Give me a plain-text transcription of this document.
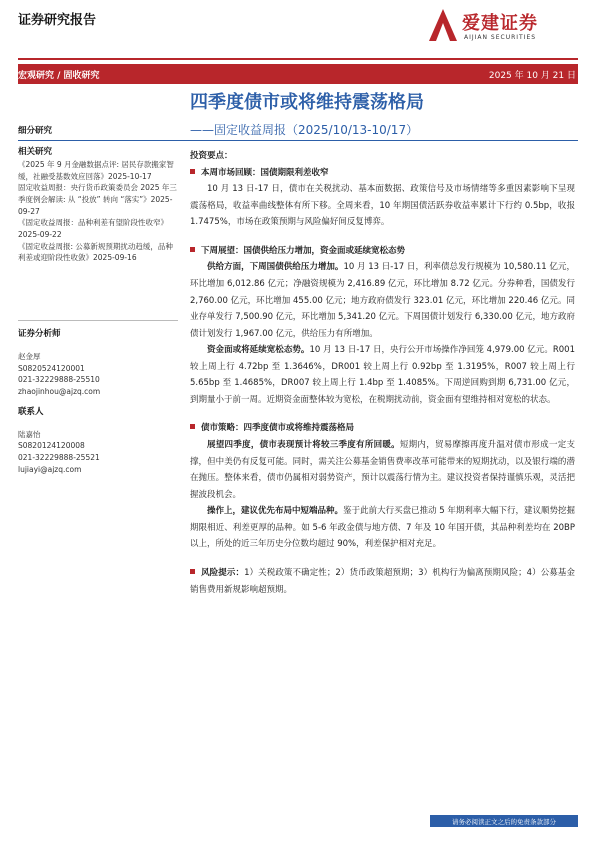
证券研究报告	爱建证券
AIJIAN SECURITIES
宏观研究 / 固收研究	2025 年 10 月 21 日
四季度债市或将维持震荡格局
——固定收益周报（2025/10/13-10/17）
细分研究
相关研究
《2025 年 9 月金融数据点评: 居民存款搬家智缓，社融受基数效应回落》2025-10-17
固定收益周报：央行货币政策委员会 2025 年三季度例会解读: 从 “投放” 转向 “落实”》2025-09-27
《固定收益周报：品种利差有望阶段性收窄》2025-09-22
《固定收益周报: 公募新规预期扰动趋缓，品种利差或迎阶段性收敛》2025-09-16
证券分析师
赵金厚
S0820524120001
021-32229888-25510
zhaojinhou@ajzq.com
联系人
陆嘉怡
S0820124120008
021-32229888-25521
lujiayi@ajzq.com

投资要点：

本周市场回顾：国债期限利差收窄

10 月 13 日-17 日，债市在关税扰动、基本面数据、政策信号及市场情绪等多重因素影响下呈现震荡格局，收益率曲线整体有所下移。全周来看，10 年期国债活跃券收益率累计下行约 0.5bp，收报 1.7475%，市场在政策预期与风险偏好间反复博弈。

下周展望：国债供给压力增加，资金面或延续宽松态势

供给方面，下周国债供给压力增加。10 月 13 日-17 日，利率债总发行规模为 10,580.11 亿元，环比增加 6,012.86 亿元；净融资规模为 2,416.89 亿元，环比增加 8.72 亿元。分券种看，国债发行 2,760.00 亿元，环比增加 455.00 亿元；地方政府债发行 323.01 亿元，环比增加 220.46 亿元。同业存单发行 7,500.90 亿元，环比增加 5,341.20 亿元。下周国债计划发行 6,330.00 亿元，地方政府债计划发行 1,967.00 亿元，供给压力有所增加。

资金面或将延续宽松态势。10 月 13 日-17 日，央行公开市场操作净回笼 4,979.00 亿元。R001 较上周上行 4.72bp 至 1.3646%，DR001 较上周上行 0.92bp 至 1.3195%，R007 较上周上行 5.65bp 至 1.4685%，DR007 较上周上行 1.4bp 至 1.4085%。下周逆回购到期 6,731.00 亿元，到期量小于前一周。近期资金面整体较为宽松，在税期扰动前，资金面有望维持相对宽松的状态。

债市策略：四季度债市或将维持震荡格局

展望四季度，债市表现预计将较三季度有所回暖。短期内，贸易摩擦再度升温对债市形成一定支撑，但中美仍有反复可能。同时，需关注公募基金销售费率改革可能带来的短期扰动，以及银行端的潜在抛压。整体来看，债市仍属相对弱势资产，预计以震荡行情为主。建议投资者保持谨慎乐观，灵活把握波段机会。

操作上，建议优先布局中短端品种。鉴于此前大行买盘已推动 5 年期利率大幅下行，建议顺势挖掘期限相近、利差更厚的品种。如 5-6 年政金债与地方债、7 年及 10 年国开债，其品种利差均在 20BP 以上，所处的近三年历史分位数均超过 90%，利差保护相对充足。

风险提示：1）关税政策不确定性；2）货币政策超预期；3）机构行为偏离预期风险；4）公募基金销售费用新规影响超预期。

请务必阅读正文之后的免责条款部分
